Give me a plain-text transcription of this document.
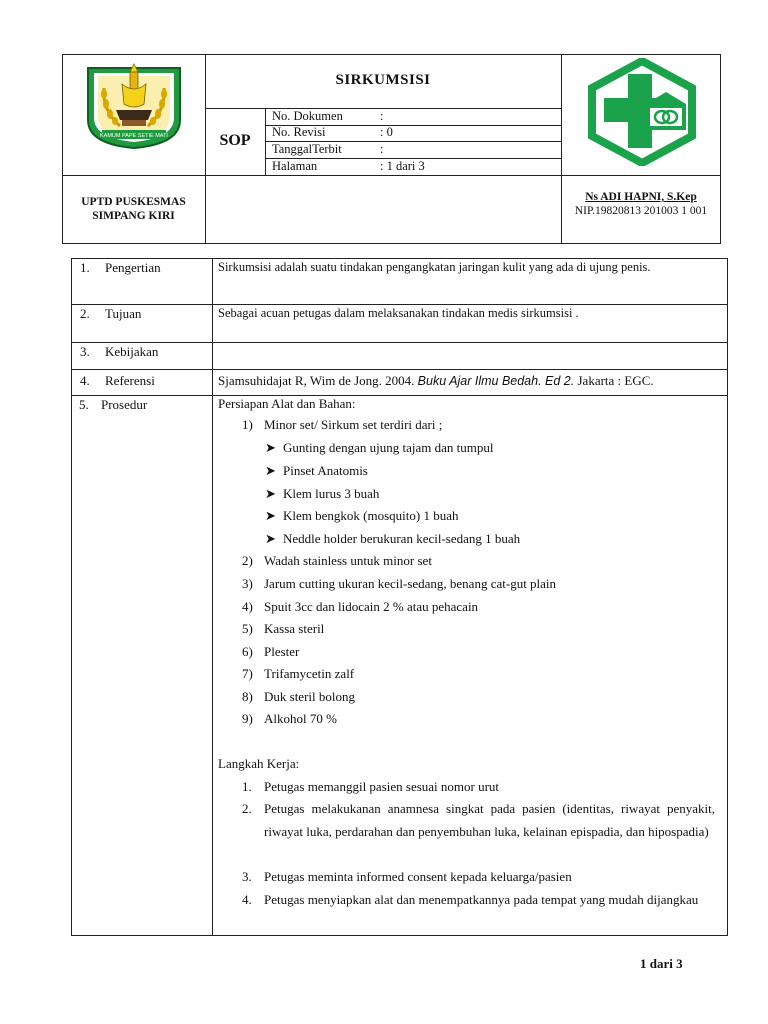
KAMUM PAPE SETIE MATI
SIRKUMSISI
SOP
No. Dokumen	:
No. Revisi	: 0
TanggalTerbit	:
Halaman	: 1 dari 3
UPTD PUSKESMAS
SIMPANG KIRI
Ns ADI HAPNI, S.Kep
NIP.19820813 201003 1 001
1. Pengertian	Sirkumsisi adalah suatu tindakan pengangkatan jaringan kulit yang ada di ujung penis.
2. Tujuan	Sebagai acuan petugas dalam melaksanakan tindakan medis sirkumsisi .
3. Kebijakan
4. Referensi	Sjamsuhidajat R, Wim de Jong. 2004. Buku Ajar Ilmu Bedah. Ed 2. Jakarta : EGC.
5. Prosedur	Persiapan Alat dan Bahan:
1) Minor set/ Sirkum set terdiri dari ;
➤ Gunting dengan ujung tajam dan tumpul
➤ Pinset Anatomis
➤ Klem lurus 3 buah
➤ Klem bengkok (mosquito) 1 buah
➤ Neddle holder berukuran kecil-sedang 1 buah
2) Wadah stainless untuk minor set
3) Jarum cutting ukuran kecil-sedang, benang cat-gut plain
4) Spuit 3cc dan lidocain 2 % atau pehacain
5) Kassa steril
6) Plester
7) Trifamycetin zalf
8) Duk steril bolong
9) Alkohol 70 %
Langkah Kerja:
1. Petugas memanggil pasien sesuai nomor urut
2. Petugas melakukanan anamnesa singkat pada pasien (identitas, riwayat penyakit, riwayat luka, perdarahan dan penyembuhan luka, kelainan epispadia, dan hipospadia)
3. Petugas meminta informed consent kepada keluarga/pasien
4. Petugas menyiapkan alat dan menempatkannya pada tempat yang mudah dijangkau
1 dari 3
